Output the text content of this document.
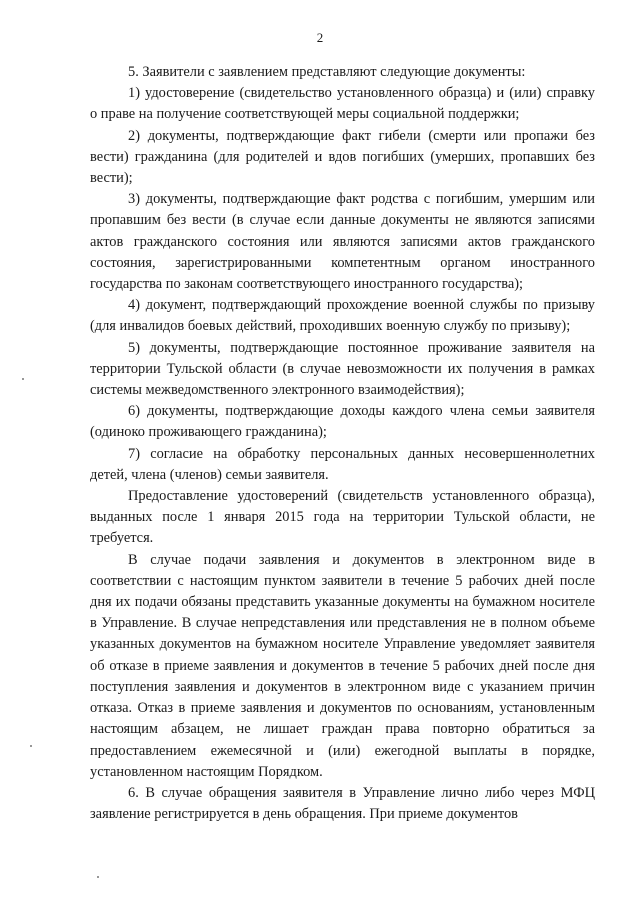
2

5. Заявители с заявлением представляют следующие документы:

1) удостоверение (свидетельство установленного образца) и (или) справку о праве на получение соответствующей меры социальной поддержки;

2) документы, подтверждающие факт гибели (смерти или пропажи без вести) гражданина (для родителей и вдов погибших (умерших, пропавших без вести);

3) документы, подтверждающие факт родства с погибшим, умершим или пропавшим без вести (в случае если данные документы не являются записями актов гражданского состояния или являются записями актов гражданского состояния, зарегистрированными компетентным органом иностранного государства по законам соответствующего иностранного государства);

4) документ, подтверждающий прохождение военной службы по призыву (для инвалидов боевых действий, проходивших военную службу по призыву);

5) документы, подтверждающие постоянное проживание заявителя на территории Тульской области (в случае невозможности их получения в рамках системы межведомственного электронного взаимодействия);

6) документы, подтверждающие доходы каждого члена семьи заявителя (одиноко проживающего гражданина);

7) согласие на обработку персональных данных несовершеннолетних детей, члена (членов) семьи заявителя.

Предоставление удостоверений (свидетельств установленного образца), выданных после 1 января 2015 года на территории Тульской области, не требуется.

В случае подачи заявления и документов в электронном виде в соответствии с настоящим пунктом заявители в течение 5 рабочих дней после дня их подачи обязаны представить указанные документы на бумажном носителе в Управление. В случае непредставления или представления не в полном объеме указанных документов на бумажном носителе Управление уведомляет заявителя об отказе в приеме заявления и документов в течение 5 рабочих дней после дня поступления заявления и документов в электронном виде с указанием причин отказа. Отказ в приеме заявления и документов по основаниям, установленным настоящим абзацем, не лишает граждан права повторно обратиться за предоставлением ежемесячной и (или) ежегодной выплаты в порядке, установленном настоящим Порядком.

6. В случае обращения заявителя в Управление лично либо через МФЦ заявление регистрируется в день обращения. При приеме документов
